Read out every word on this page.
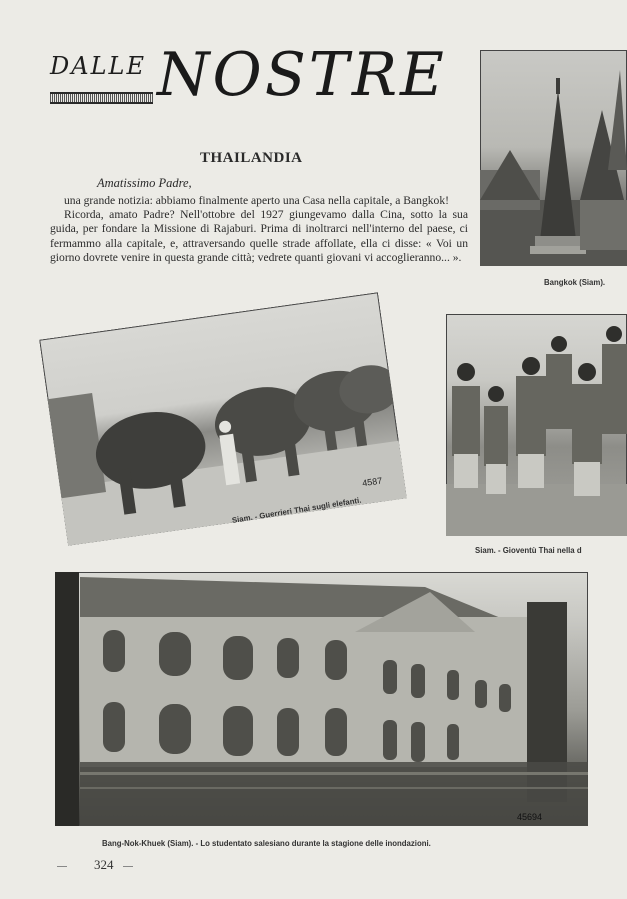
DALLE NOSTRE
THAILANDIA
Amatissimo Padre,

una grande notizia: abbiamo finalmente aperto una Casa nella capitale, a Bangkok!

Ricorda, amato Padre? Nell'ottobre del 1927 giungevamo dalla Cina, sotto la sua guida, per fondare la Missione di Rajaburi. Prima di inoltrarci nell'interno del paese, ci fermammo alla capitale, e, attraversando quelle strade affollate, ella ci disse: « Voi un giorno dovrete venire in questa grande città; vedrete quanti giovani vi accoglieranno... ».

Bangkok (Siam).
4587
Siam. - Guerrieri Thai sugli elefanti.
Siam. - Gioventù Thai nella d
45694
Bang-Nok-Khuek (Siam). - Lo studentato salesiano durante la stagione delle inondazioni.
324
